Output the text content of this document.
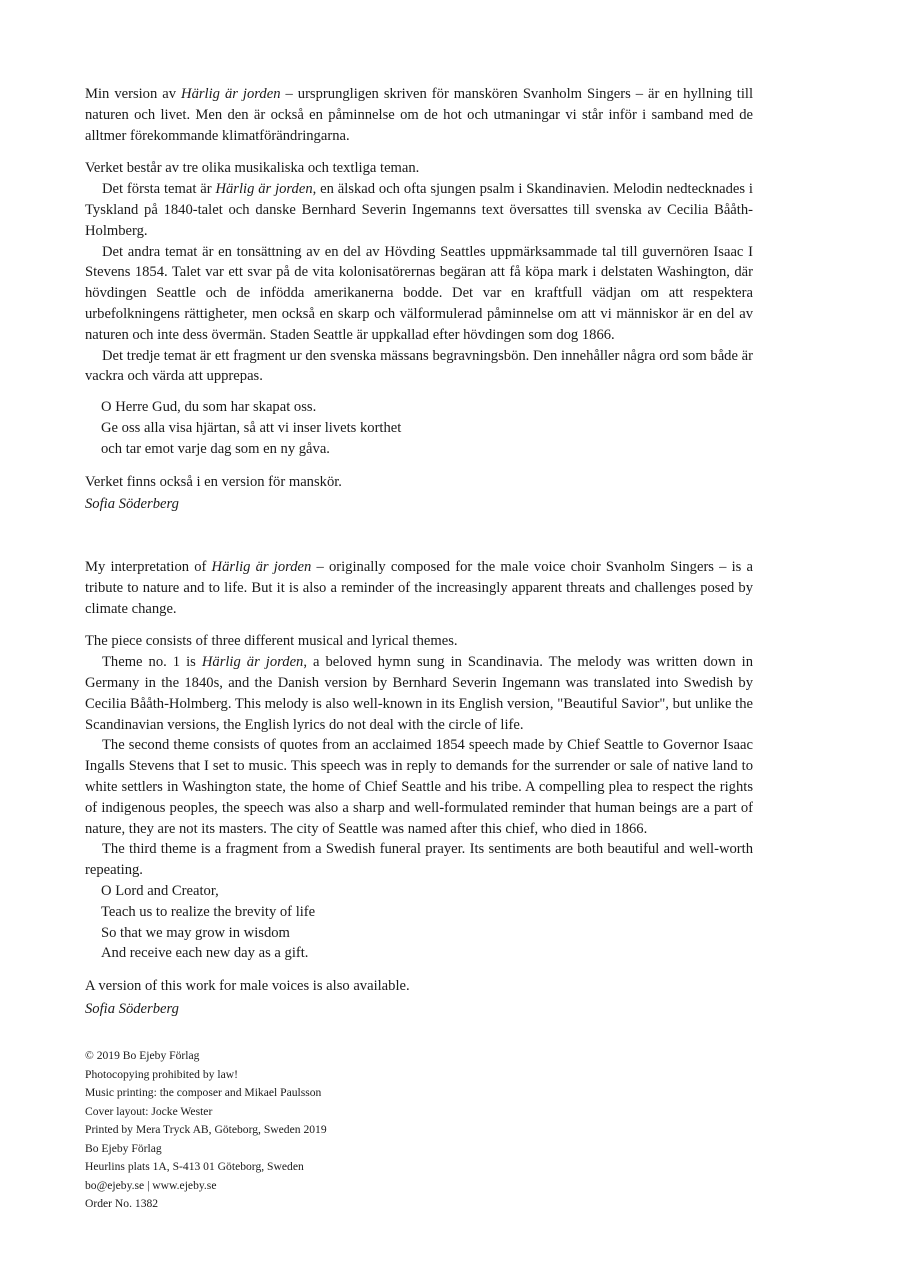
Min version av Härlig är jorden – ursprungligen skriven för manskören Svanholm Singers – är en hyllning till naturen och livet. Men den är också en påminnelse om de hot och utmaningar vi står inför i samband med de alltmer förekommande klimatförändringarna.

Verket består av tre olika musikaliska och textliga teman.

Det första temat är Härlig är jorden, en älskad och ofta sjungen psalm i Skandinavien. Melodin nedtecknades i Tyskland på 1840-talet och danske Bernhard Severin Ingemanns text översattes till svenska av Cecilia Bååth-Holmberg.

Det andra temat är en tonsättning av en del av Hövding Seattles uppmärksammade tal till guvernören Isaac I Stevens 1854. Talet var ett svar på de vita kolonisatörernas begäran att få köpa mark i delstaten Washington, där hövdingen Seattle och de infödda amerikanerna bodde. Det var en kraftfull vädjan om att respektera urbefolkningens rättigheter, men också en skarp och välformulerad påminnelse om att vi människor är en del av naturen och inte dess övermän. Staden Seattle är uppkallad efter hövdingen som dog 1866.

Det tredje temat är ett fragment ur den svenska mässans begravningsbön. Den innehåller några ord som både är vackra och värda att upprepas.

O Herre Gud, du som har skapat oss.
Ge oss alla visa hjärtan, så att vi inser livets korthet
och tar emot varje dag som en ny gåva.

Verket finns också i en version för manskör.

Sofia Söderberg

My interpretation of Härlig är jorden – originally composed for the male voice choir Svanholm Singers – is a tribute to nature and to life. But it is also a reminder of the increasingly apparent threats and challenges posed by climate change.

The piece consists of three different musical and lyrical themes.

Theme no. 1 is Härlig är jorden, a beloved hymn sung in Scandinavia. The melody was written down in Germany in the 1840s, and the Danish version by Bernhard Severin Ingemann was translated into Swedish by Cecilia Bååth-Holmberg. This melody is also well-known in its English version, "Beautiful Savior", but unlike the Scandinavian versions, the English lyrics do not deal with the circle of life.

The second theme consists of quotes from an acclaimed 1854 speech made by Chief Seattle to Governor Isaac Ingalls Stevens that I set to music. This speech was in reply to demands for the surrender or sale of native land to white settlers in Washington state, the home of Chief Seattle and his tribe. A compelling plea to respect the rights of indigenous peoples, the speech was also a sharp and well-formulated reminder that human beings are a part of nature, they are not its masters. The city of Seattle was named after this chief, who died in 1866.

The third theme is a fragment from a Swedish funeral prayer. Its sentiments are both beautiful and well-worth repeating.

O Lord and Creator,
Teach us to realize the brevity of life
So that we may grow in wisdom
And receive each new day as a gift.

A version of this work for male voices is also available.

Sofia Söderberg

© 2019 Bo Ejeby Förlag
Photocopying prohibited by law!
Music printing: the composer and Mikael Paulsson
Cover layout: Jocke Wester
Printed by Mera Tryck AB, Göteborg, Sweden 2019
Bo Ejeby Förlag
Heurlins plats 1A, S-413 01 Göteborg, Sweden
bo@ejeby.se | www.ejeby.se
Order No. 1382
